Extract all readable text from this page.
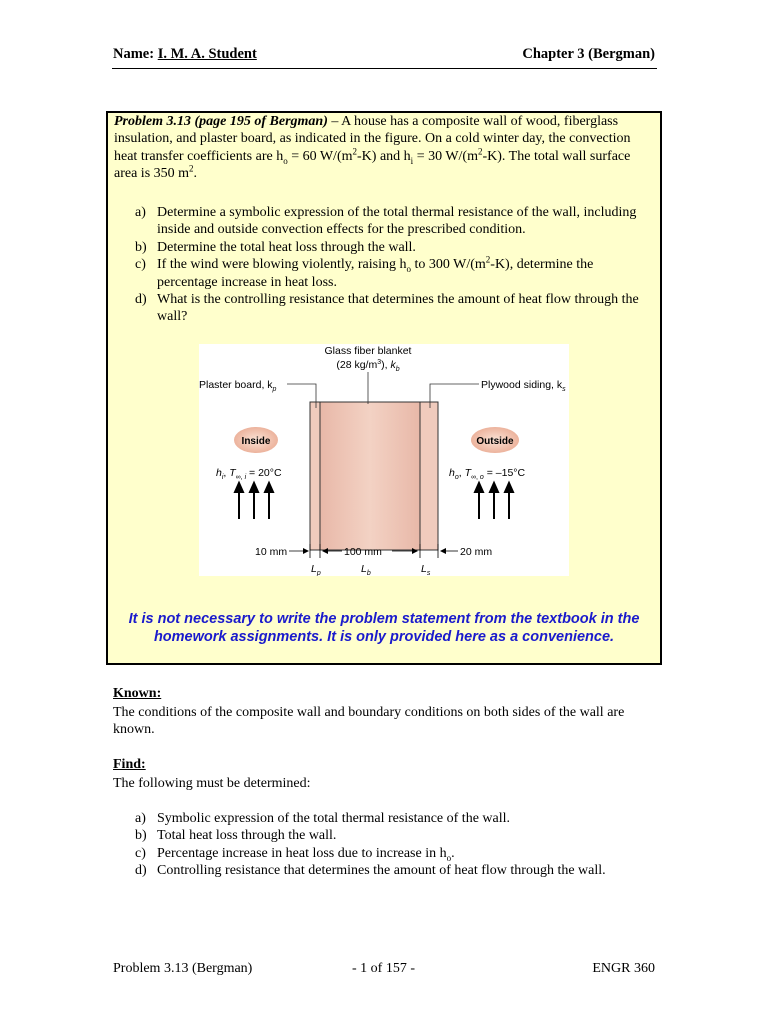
Name: I. M. A. Student	Chapter 3 (Bergman)
Problem 3.13 (page 195 of Bergman) – A house has a composite wall of wood, fiberglass insulation, and plaster board, as indicated in the figure. On a cold winter day, the convection heat transfer coefficients are $h_o = 60$ $W/(m^2-K)$ and $h_i = 30$ $W/(m^2-K)$. The total wall surface area is 350 $m^2$.
a) Determine a symbolic expression of the total thermal resistance of the wall, including inside and outside convection effects for the prescribed condition.
b) Determine the total heat loss through the wall.
c) If the wind were blowing violently, raising $h_o$ to 300 $W/(m^2-K)$, determine the percentage increase in heat loss.
d) What is the controlling resistance that determines the amount of heat flow through the wall?
Glass fiber blanket
(28 $kg/m^3$), $k_b$
Plaster board, $k_p$	Plywood siding, $k_s$
Inside	Outside
$h_i$, $T_{\infty,}$ i = 20°C	$h_o$, $T_{\infty,}$ o = –15°C
10 mm	100 mm	20 mm
$L_p$	$L_b$	$L_s$
It is not necessary to write the problem statement from the textbook in the homework assignments. It is only provided here as a convenience.
Known:
The conditions of the composite wall and boundary conditions on both sides of the wall are known.
Find:
The following must be determined:
a) Symbolic expression of the total thermal resistance of the wall.
b) Total heat loss through the wall.
c) Percentage increase in heat loss due to increase in $h_o$.
d) Controlling resistance that determines the amount of heat flow through the wall.
Problem 3.13 (Bergman)	- 1 of 157 -	ENGR 360
